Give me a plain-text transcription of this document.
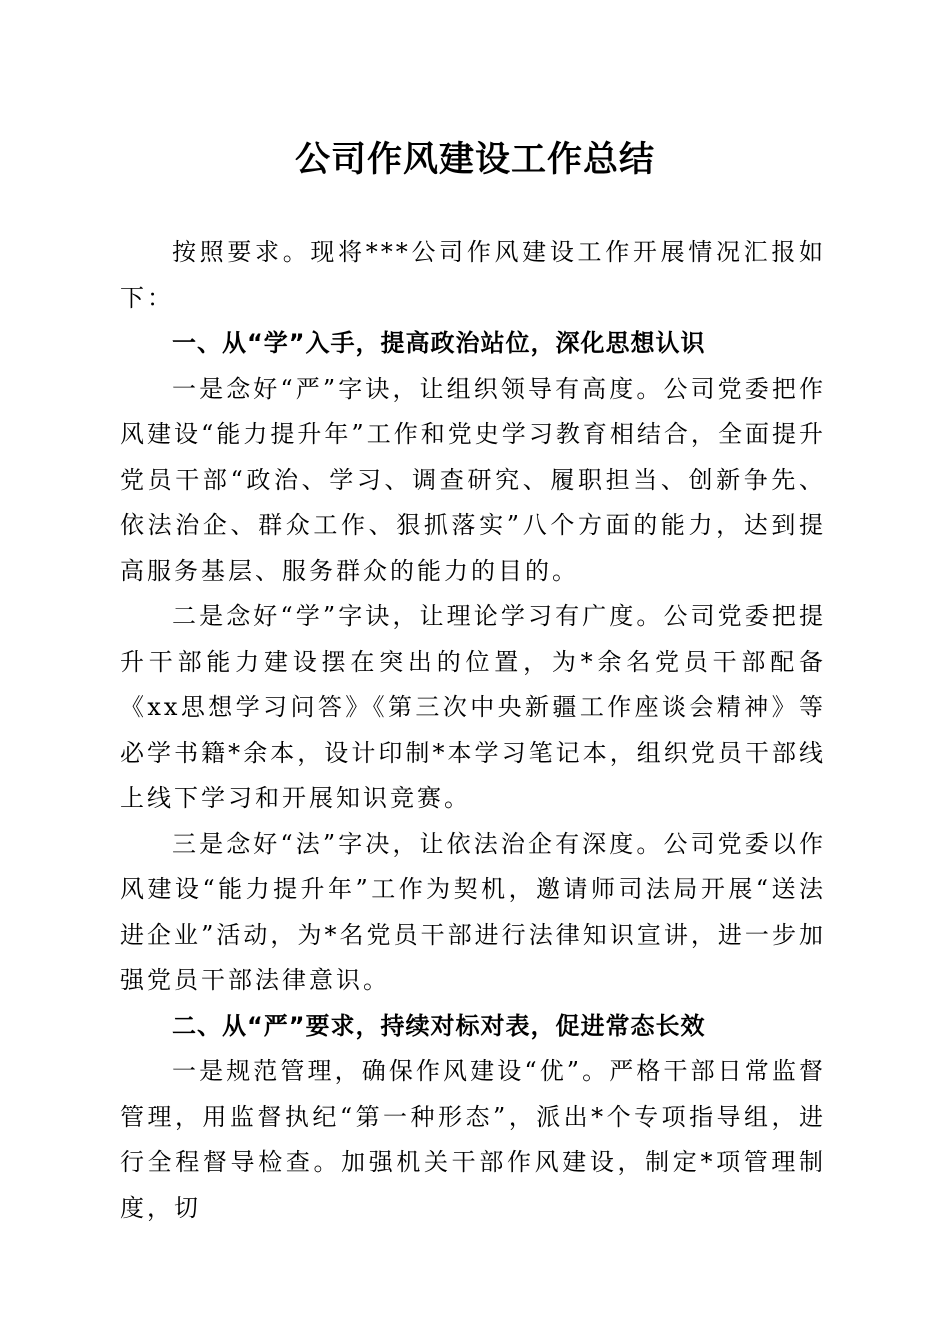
公司作风建设工作总结

按照要求。现将***公司作风建设工作开展情况汇报如下：

一、从“学”入手，提高政治站位，深化思想认识

一是念好“严”字诀，让组织领导有高度。公司党委把作风建设“能力提升年”工作和党史学习教育相结合，全面提升党员干部“政治、学习、调查研究、履职担当、创新争先、依法治企、群众工作、狠抓落实”八个方面的能力，达到提高服务基层、服务群众的能力的目的。

二是念好“学”字诀，让理论学习有广度。公司党委把提升干部能力建设摆在突出的位置，为*余名党员干部配备《xx思想学习问答》《第三次中央新疆工作座谈会精神》等必学书籍*余本，设计印制*本学习笔记本，组织党员干部线上线下学习和开展知识竞赛。

三是念好“法”字决，让依法治企有深度。公司党委以作风建设“能力提升年”工作为契机，邀请师司法局开展“送法进企业”活动，为*名党员干部进行法律知识宣讲，进一步加强党员干部法律意识。

二、从“严”要求，持续对标对表，促进常态长效

一是规范管理，确保作风建设“优”。严格干部日常监督管理，用监督执纪“第一种形态”，派出*个专项指导组，进行全程督导检查。加强机关干部作风建设，制定*项管理制度，切
